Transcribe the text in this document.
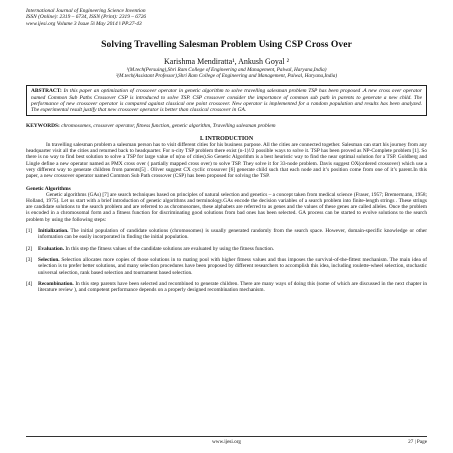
International Journal of Engineering Science Invention
ISSN (Online): 2319 – 6734, ISSN (Print): 2319 – 6726
www.ijesi.org Volume 3 Issue 5ǁ May 2014 ǁ PP.27-43
Solving Travelling Salesman Problem Using CSP Cross Over
Karishma Mendiratta¹, Ankush Goyal ²
¹(M.tech(Persuing),Shri Ram College of Engineering and Management, Palwal, Haryana,India)
²(M.tech(Assistant Professor),Shri Ram College of Engineering and Management, Palwal, Haryana,India)
ABSTRACT: In this paper an optimization of crossover operator in genetic algorithm to solve travelling salesman problem TSP has been proposed .A new cross over operator named Common Sub Paths Crossover CSP is introduced to solve TSP. CSP crossover consider the importance of common sub path in parents to generate a new child. The performance of new crossover operator is compared against classical one point crossover. New operator is implemented for a random population and results has been analyzed. The experimental result justify that new crossover operator is better than classical crossover in GA.
KEYWORDS: chromosomes, crossover operator, fitness function, genetic algorithm, Travelling salesman problem
I. INTRODUCTION

In travelling salesman problem a salesman person has to visit different cities for his business purpose. All the cities are connected together. Salesman can start his journey from any headquarter visit all the cities and returned back to headquarter. For n-city TSP problem there exist (n-1)!/2 possible ways to solve it. TSP has been proved as NP-Complete problem [1]. So there is no way to find best solution to solve a TSP for large value of n(no of cities).So Genetic Algorithm is a best heuristic way to find the near optimal solution for a TSP. Goldberg and Lingle define a new operator named as PMX cross over ( partially mapped cross over) to solve TSP. They solve it for 33-node problem. Davis suggest OX(ordered crossover) which use a very different way to generate children from parents[5] . Oliver suggest CX cyclic crossover [6] generate child such that each node and it’s position come from one of it’s parent.In this paper, a new crossover operator named Common Sub Path crossover (CSP) has been proposed for solving the TSP.

Genetic Algorithms

Genetic algorithms (GAs) [7] are search techniques based on principles of natural selection and genetics – a concept taken from medical science (Fraser, 1957; Bremermann, 1958; Holland, 1975). Let us start with a brief introduction of genetic algorithms and terminology.GAs encode the decision variables of a search problem into finite-length strings . These strings are candidate solutions to the search problem and are referred to as chromosomes, these alphabets are referred to as genes and the values of these genes are called alleles. Once the problem is encoded in a chromosomal form and a fitness function for discriminating good solutions from bad ones has been selected. GA process can be started to evolve solutions to the search problem by using the following steps:

[1]	Initialization. The initial population of candidate solutions (chromosomes) is usually generated randomly from the search space. However, domain-specific knowledge or other information can be easily incorporated in finding the initial population.
[2]	Evaluation. In this step the fitness values of the candidate solutions are evaluated by using the fitness function.
[3]	Selection. Selection allocates more copies of those solutions in to mating pool with higher fitness values and thus imposes the survival-of-the-fittest mechanism. The main idea of selection is to prefer better solutions, and many selection procedures have been proposed by different researchers to accomplish this idea, including roulette-wheel selection, stochastic universal selection, rank based selection and tournament based selection.
[4]	Recombination. In this step parents have been selected and recombined to generate children. There are many ways of doing this (some of which are discussed in the next chapter in literature review ), and competent performance depends on a properly designed recombination mechanism.
www.ijesi.org	27 | Page
